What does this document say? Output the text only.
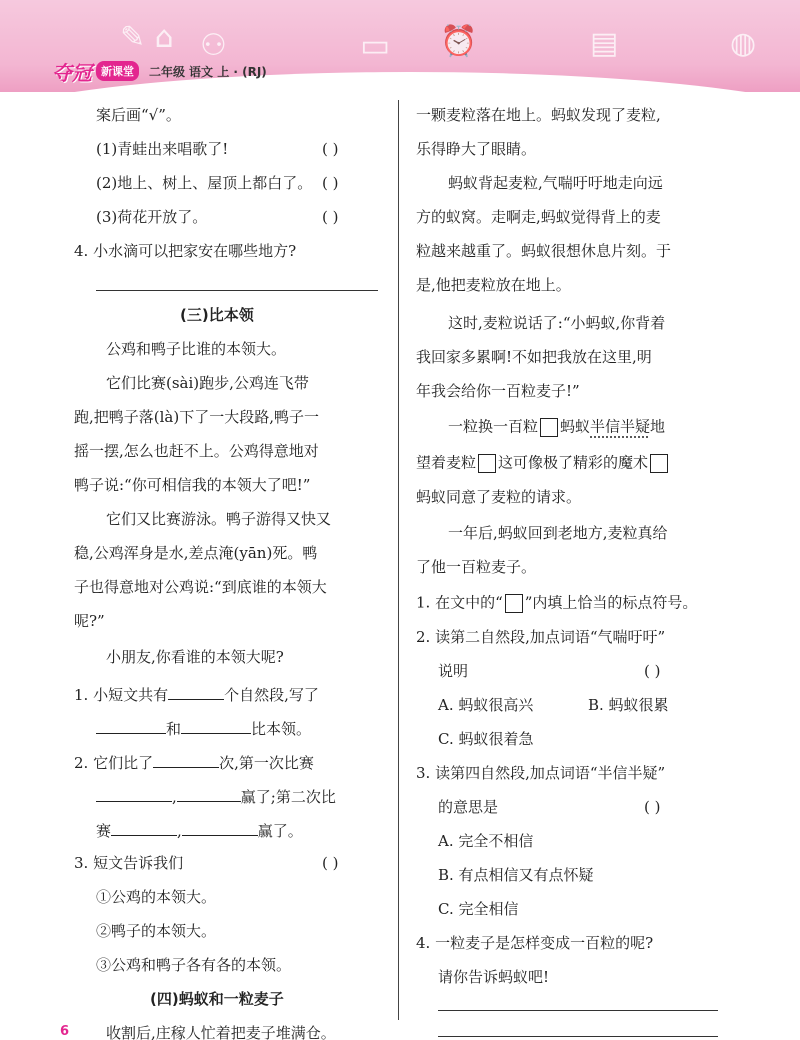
✎ ⌂ ⚇	▭ ⏰	▤	◍
夺冠 新课堂	二年级 语文 上 · (RJ)
案后画“√”。
(1)青蛙出来唱歌了!	( )
(2)地上、树上、屋顶上都白了。 ( )
(3)荷花开放了。	( )
4. 小水滴可以把家安在哪些地方?
(三)比本领
公鸡和鸭子比谁的本领大。
它们比赛(sài)跑步,公鸡连飞带
跑,把鸭子落(là)下了一大段路,鸭子一
摇一摆,怎么也赶不上。公鸡得意地对
鸭子说:“你可相信我的本领大了吧!”
它们又比赛游泳。鸭子游得又快又
稳,公鸡浑身是水,差点淹(yān)死。鸭
子也得意地对公鸡说:“到底谁的本领大
呢?”
小朋友,你看谁的本领大呢?
1. 小短文共有	个自然段,写了
和	比本领。
2. 它们比了	次,第一次比赛
,	赢了;第二次比
赛	,	赢了。
3. 短文告诉我们	( )
①公鸡的本领大。
②鸭子的本领大。
③公鸡和鸭子各有各的本领。
(四)蚂蚁和一粒麦子
收割后,庄稼人忙着把麦子堆满仓。
一颗麦粒落在地上。蚂蚁发现了麦粒,
乐得睁大了眼睛。
蚂蚁背起麦粒,气喘吁吁地走向远
方的蚁窝。走啊走,蚂蚁觉得背上的麦
粒越来越重了。蚂蚁很想休息片刻。于
是,他把麦粒放在地上。
这时,麦粒说话了:“小蚂蚁,你背着
我回家多累啊!不如把我放在这里,明
年我会给你一百粒麦子!”
一粒换一百粒 蚂蚁半信半疑地
望着麦粒 这可像极了精彩的魔术
蚂蚁同意了麦粒的请求。
一年后,蚂蚁回到老地方,麦粒真给
了他一百粒麦子。
1. 在文中的“ ”内填上恰当的标点符号。
2. 读第二自然段,加点词语“气喘吁吁”
说明	( )
A. 蚂蚁很高兴	B. 蚂蚁很累
C. 蚂蚁很着急
3. 读第四自然段,加点词语“半信半疑”
的意思是	( )
A. 完全不相信
B. 有点相信又有点怀疑
C. 完全相信
4. 一粒麦子是怎样变成一百粒的呢?
请你告诉蚂蚁吧!
6
